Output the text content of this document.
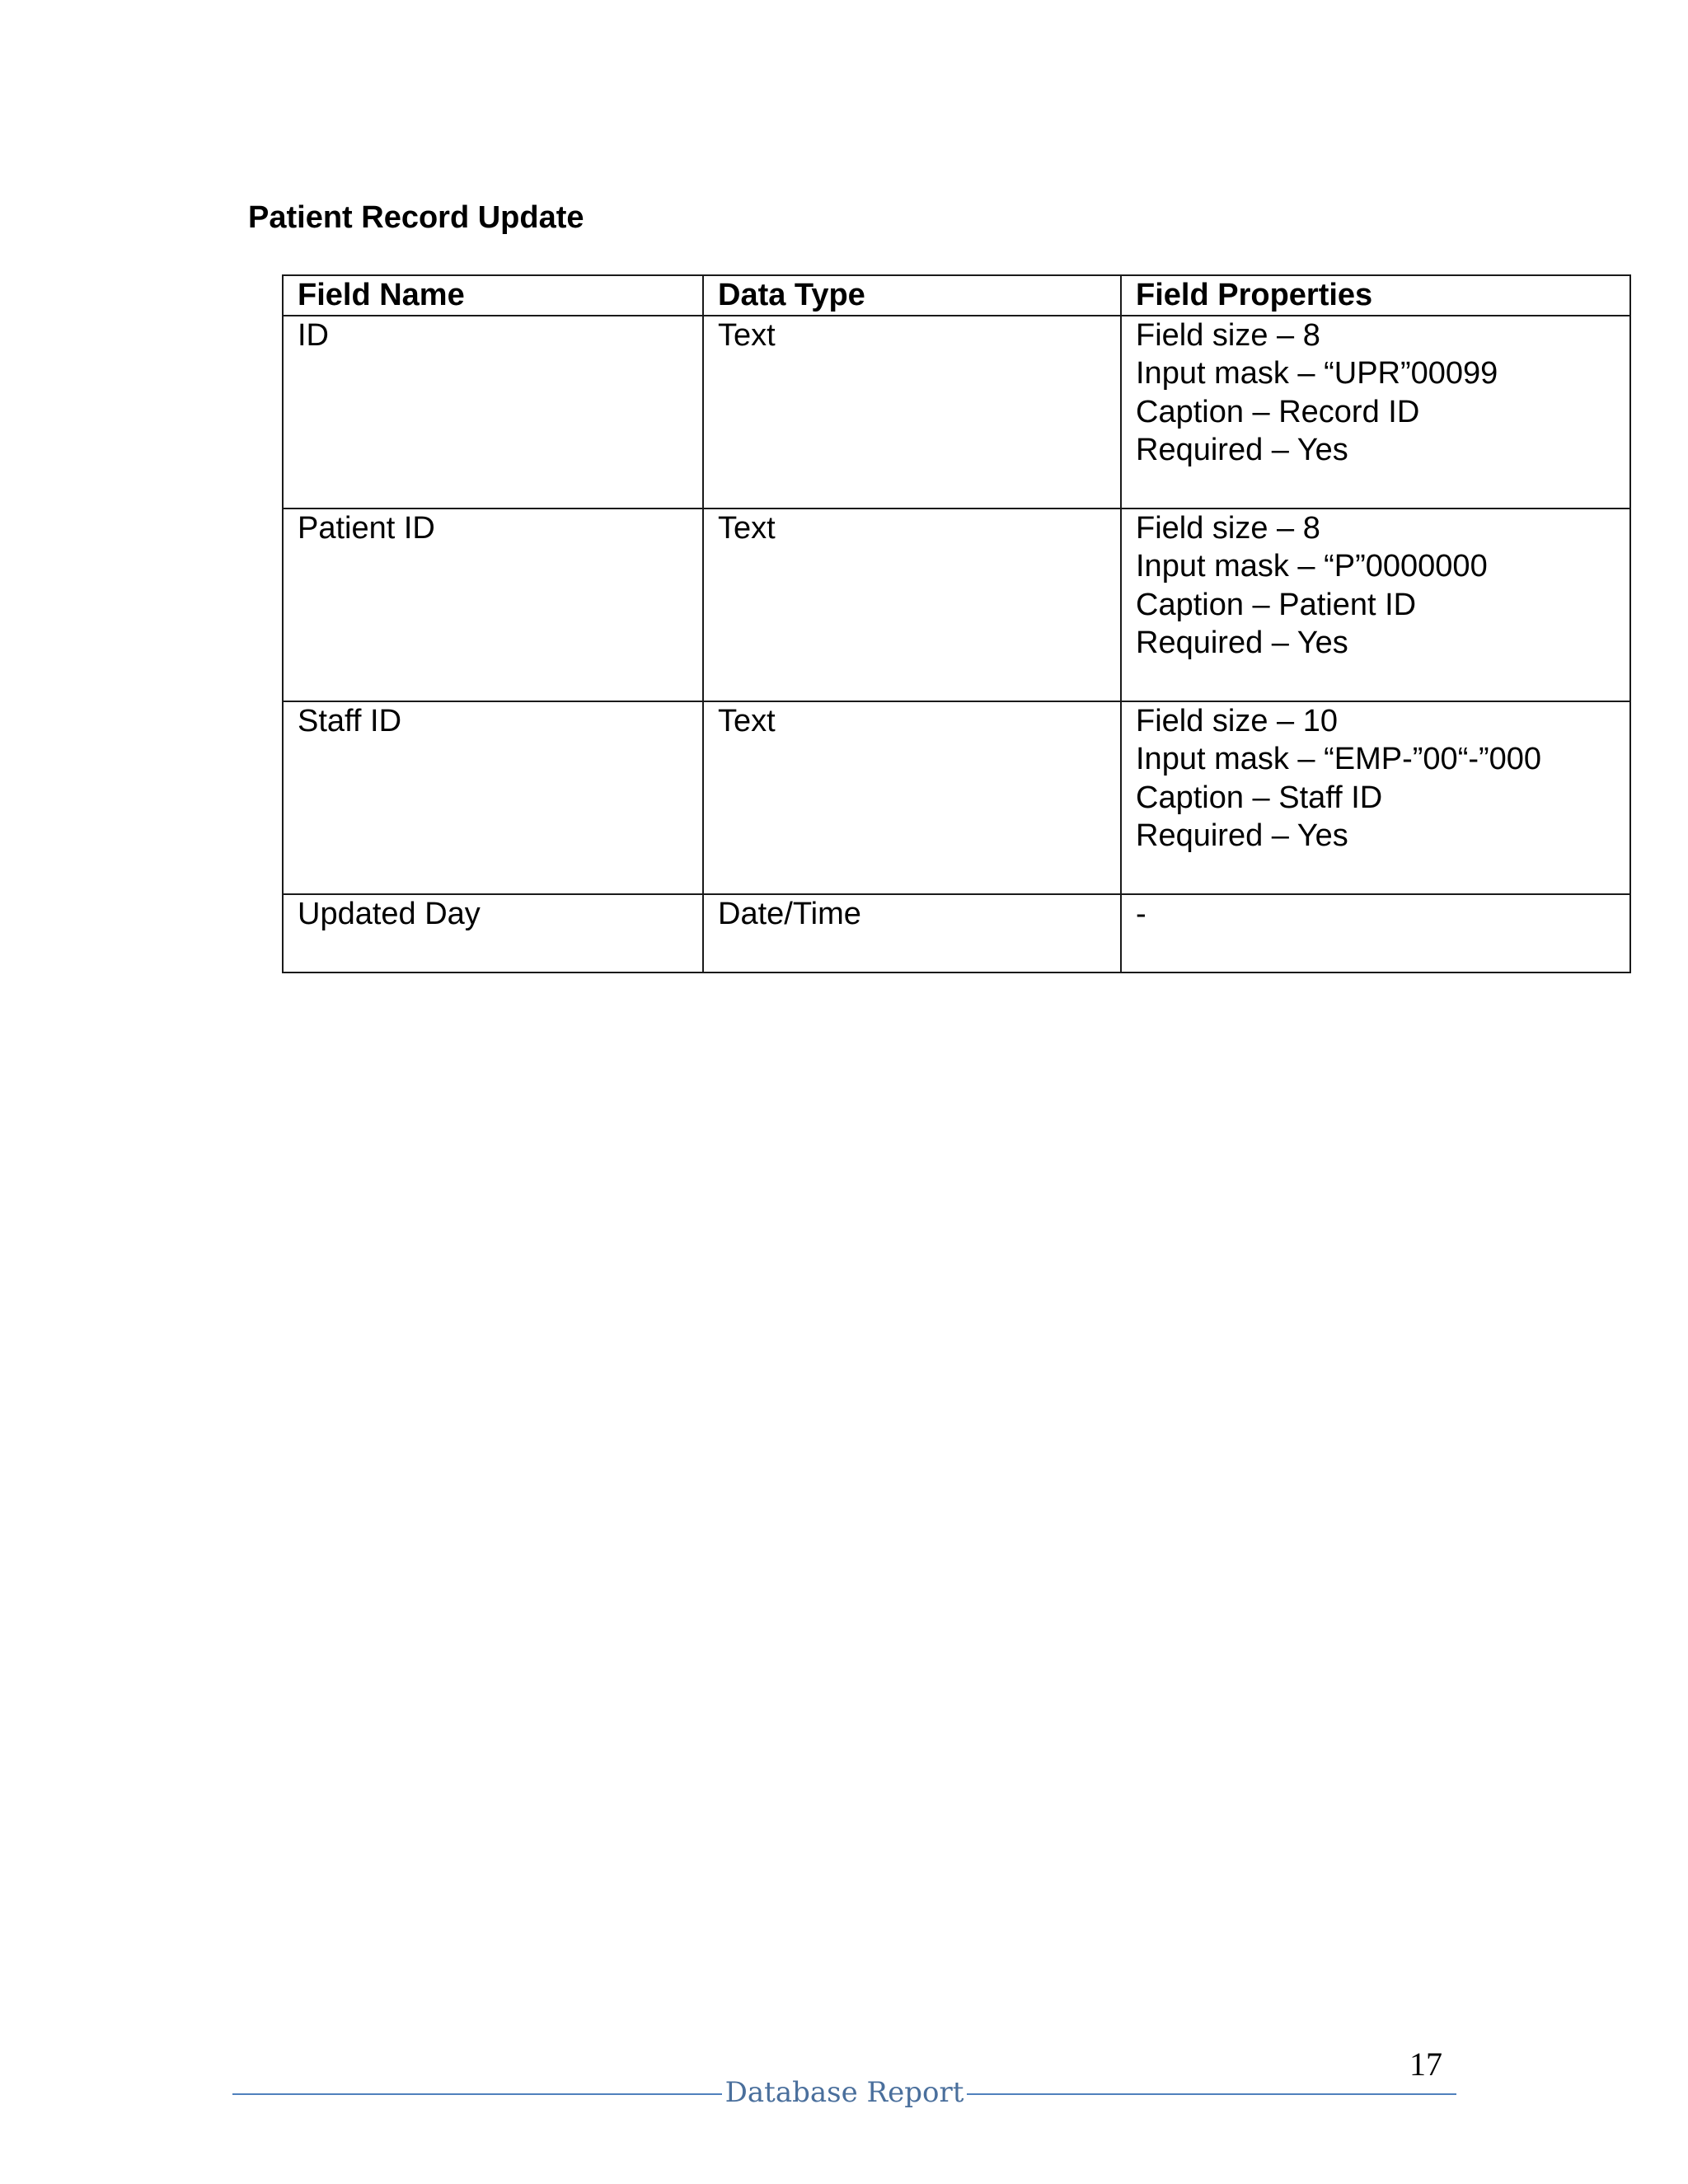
Patient Record Update
Field Name	Data Type	Field Properties
ID	Text	Field size – 8
Input mask – “UPR”00099
Caption – Record ID
Required – Yes

Patient ID	Text	Field size – 8
Input mask – “P”0000000
Caption – Patient ID
Required – Yes

Staff ID	Text	Field size – 10
Input mask – “EMP-”00“-”000
Caption – Staff ID
Required – Yes

Updated Day	Date/Time	-
17
Database Report
